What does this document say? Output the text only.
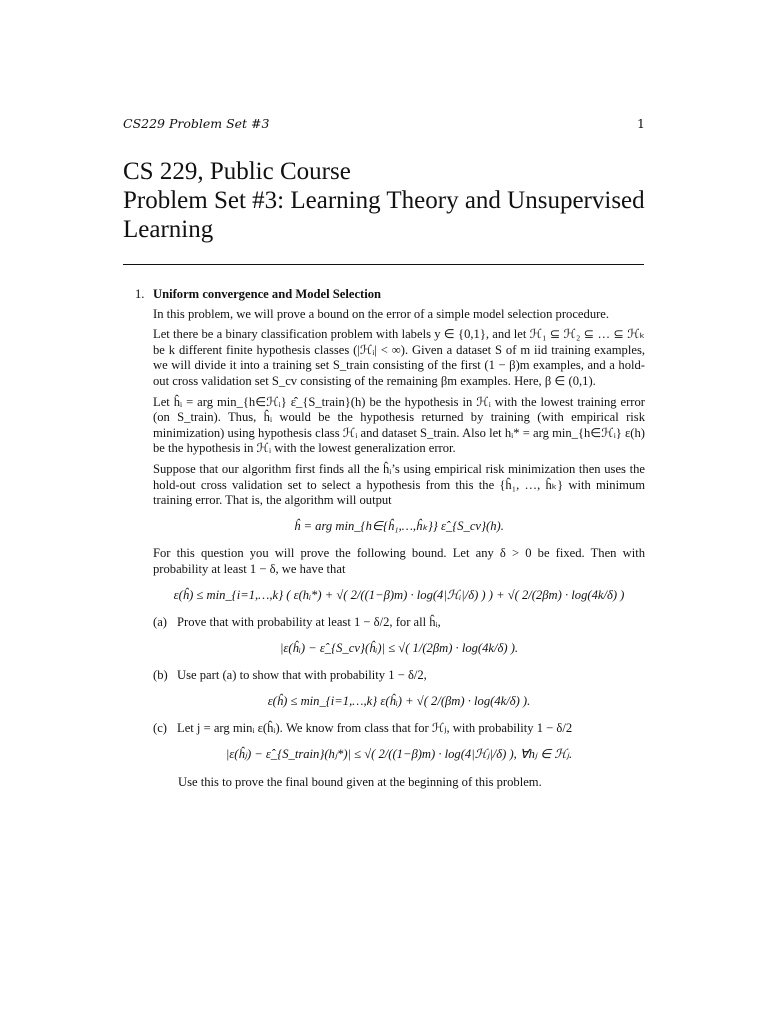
CS229 Problem Set #3	1
CS 229, Public Course
Problem Set #3: Learning Theory and Unsupervised Learning
1. Uniform convergence and Model Selection

In this problem, we will prove a bound on the error of a simple model selection procedure.

Let there be a binary classification problem with labels y ∈ {0,1}, and let ℋ₁ ⊆ ℋ₂ ⊆ … ⊆ ℋₖ be k different finite hypothesis classes (|ℋᵢ| < ∞). Given a dataset S of m iid training examples, we will divide it into a training set S_train consisting of the first (1 − β)m examples, and a hold-out cross validation set S_cv consisting of the remaining βm examples. Here, β ∈ (0,1).

Let ĥᵢ = arg min_{h∈ℋᵢ} ε̂_{S_train}(h) be the hypothesis in ℋᵢ with the lowest training error (on S_train). Thus, ĥᵢ would be the hypothesis returned by training (with empirical risk minimization) using hypothesis class ℋᵢ and dataset S_train. Also let hᵢ* = arg min_{h∈ℋᵢ} ε(h) be the hypothesis in ℋᵢ with the lowest generalization error.

Suppose that our algorithm first finds all the ĥᵢ’s using empirical risk minimization then uses the hold-out cross validation set to select a hypothesis from this the {ĥ₁, …, ĥₖ} with minimum training error. That is, the algorithm will output

ĥ = arg min_{h∈{ĥ₁,…,ĥₖ}} ε̂_{S_cv}(h).

For this question you will prove the following bound. Let any δ > 0 be fixed. Then with probability at least 1 − δ, we have that

ε(ĥ) ≤ min_{i=1,…,k} ( ε(hᵢ*) + √( 2/((1−β)m) · log(4|ℋᵢ|/δ) ) ) + √( 2/(2βm) · log(4k/δ) )
(a) Prove that with probability at least 1 − δ/2, for all ĥᵢ,
|ε(ĥᵢ) − ε̂_{S_cv}(ĥᵢ)| ≤ √( 1/(2βm) · log(4k/δ) ).
(b) Use part (a) to show that with probability 1 − δ/2,
ε(ĥ) ≤ min_{i=1,…,k} ε(ĥᵢ) + √( 2/(βm) · log(4k/δ) ).
(c) Let j = arg minᵢ ε(ĥᵢ). We know from class that for ℋⱼ, with probability 1 − δ/2
|ε(ĥⱼ) − ε̂_{S_train}(hⱼ*)| ≤ √( 2/((1−β)m) · log(4|ℋⱼ|/δ) ), ∀hⱼ ∈ ℋⱼ.

Use this to prove the final bound given at the beginning of this problem.
